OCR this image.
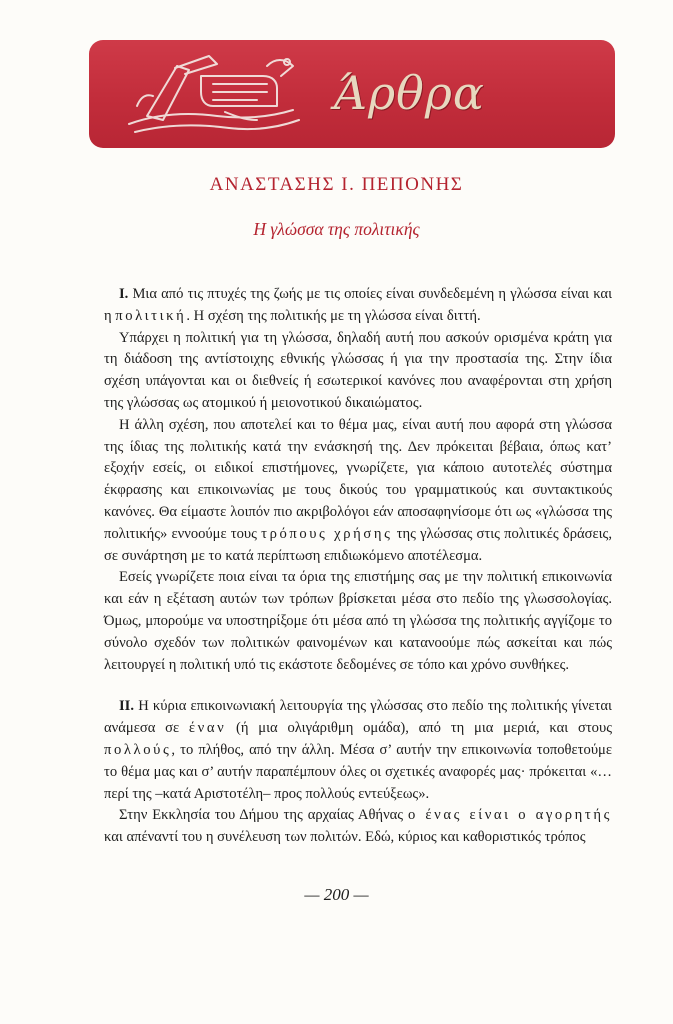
Άρθρα
ΑΝΑΣΤΑΣΗΣ Ι. ΠΕΠΟΝΗΣ
Η γλώσσα της πολιτικής

I. Μια από τις πτυχές της ζωής με τις οποίες είναι συνδεδεμένη η γλώσσα είναι και η πολιτική. Η σχέση της πολιτικής με τη γλώσσα είναι διττή.

Υπάρχει η πολιτική για τη γλώσσα, δηλαδή αυτή που ασκούν ορισμένα κράτη για τη διάδοση της αντίστοιχης εθνικής γλώσσας ή για την προστασία της. Στην ίδια σχέση υπάγονται και οι διεθνείς ή εσωτερικοί κανόνες που αναφέρονται στη χρήση της γλώσσας ως ατομικού ή μειονοτικού δικαιώματος.

Η άλλη σχέση, που αποτελεί και το θέμα μας, είναι αυτή που αφορά στη γλώσσα της ίδιας της πολιτικής κατά την ενάσκησή της. Δεν πρόκειται βέβαια, όπως κατ’ εξοχήν εσείς, οι ειδικοί επιστήμονες, γνωρίζετε, για κάποιο αυτοτελές σύστημα έκφρασης και επικοινωνίας με τους δικούς του γραμματικούς και συντακτικούς κανόνες. Θα είμαστε λοιπόν πιο ακριβολόγοι εάν αποσαφηνίσομε ότι ως «γλώσσα της πολιτικής» εννοούμε τους τρόπους χρήσης της γλώσσας στις πολιτικές δράσεις, σε συνάρτηση με το κατά περίπτωση επιδιωκόμενο αποτέλεσμα.

Εσείς γνωρίζετε ποια είναι τα όρια της επιστήμης σας με την πολιτική επικοινωνία και εάν η εξέταση αυτών των τρόπων βρίσκεται μέσα στο πεδίο της γλωσσολογίας. Όμως, μπορούμε να υποστηρίξομε ότι μέσα από τη γλώσσα της πολιτικής αγγίζομε το σύνολο σχεδόν των πολιτικών φαινομένων και κατανοούμε πώς ασκείται και πώς λειτουργεί η πολιτική υπό τις εκάστοτε δεδομένες σε τόπο και χρόνο συνθήκες.

II. Η κύρια επικοινωνιακή λειτουργία της γλώσσας στο πεδίο της πολιτικής γίνεται ανάμεσα σε έναν (ή μια ολιγάριθμη ομάδα), από τη μια μεριά, και στους πολλούς, το πλήθος, από την άλλη. Μέσα σ’ αυτήν την επικοινωνία τοποθετούμε το θέμα μας και σ’ αυτήν παραπέμπουν όλες οι σχετικές αναφορές μας· πρόκειται «…περί της –κατά Αριστοτέλη– προς πολλούς εντεύξεως».

Στην Εκκλησία του Δήμου της αρχαίας Αθήνας ο ένας είναι ο αγορητής και απέναντί του η συνέλευση των πολιτών. Εδώ, κύριος και καθοριστικός τρόπος

— 200 —
